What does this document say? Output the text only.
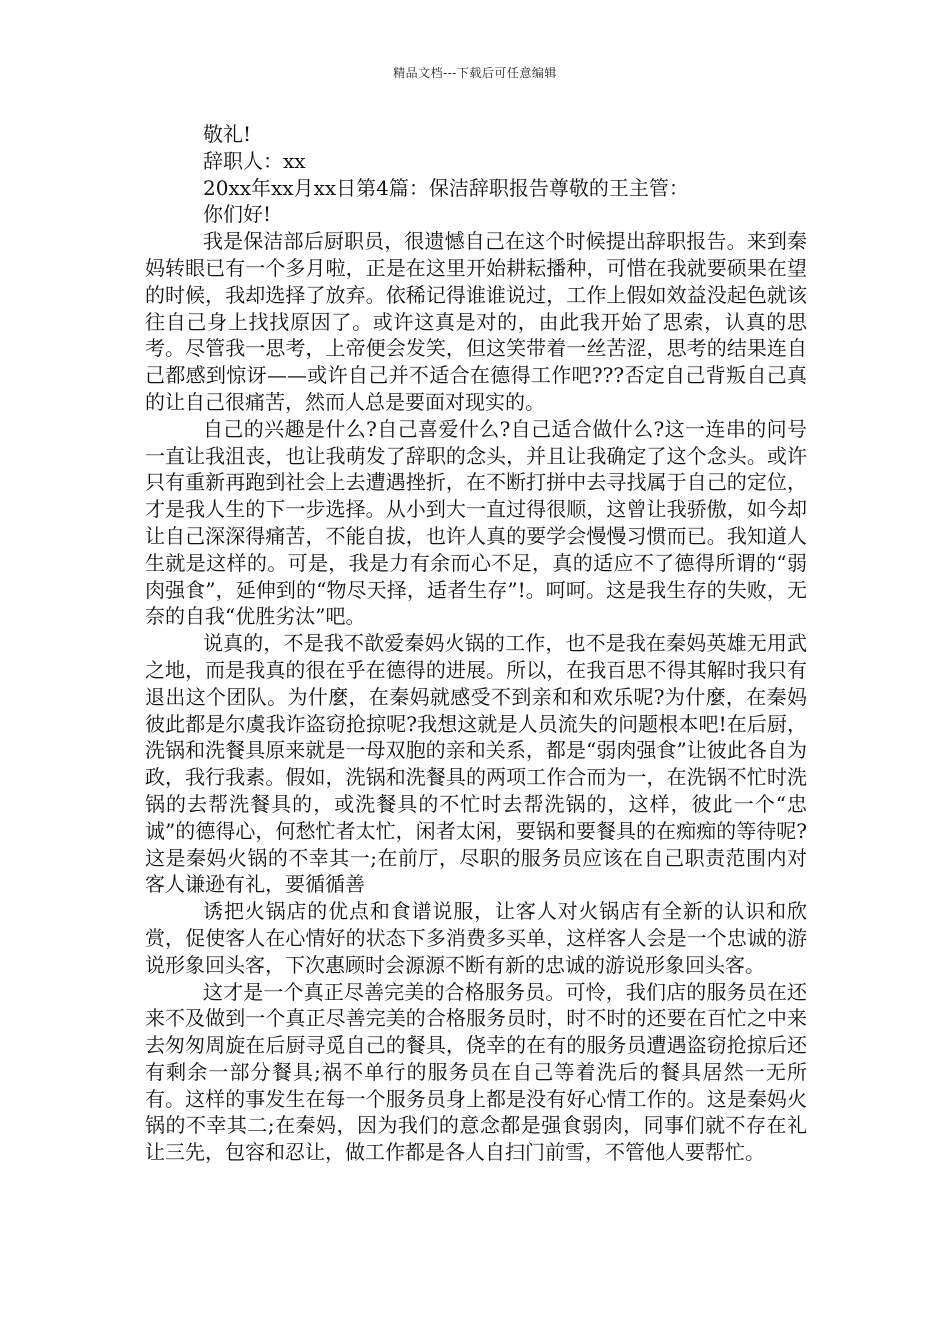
精品文档---下载后可任意编辑

敬礼!

辞职人：xx

20xx年xx月xx日第4篇：保洁辞职报告尊敬的王主管：

你们好!

我是保洁部后厨职员，很遗憾自己在这个时候提出辞职报告。来到秦妈转眼已有一个多月啦，正是在这里开始耕耘播种，可惜在我就要硕果在望的时候，我却选择了放弃。依稀记得谁谁说过，工作上假如效益没起色就该往自己身上找找原因了。或许这真是对的，由此我开始了思索，认真的思考。尽管我一思考，上帝便会发笑，但这笑带着一丝苦涩，思考的结果连自己都感到惊讶——或许自己并不适合在德得工作吧???否定自己背叛自己真的让自己很痛苦，然而人总是要面对现实的。

自己的兴趣是什么?自己喜爱什么?自己适合做什么?这一连串的问号一直让我沮丧，也让我萌发了辞职的念头，并且让我确定了这个念头。或许只有重新再跑到社会上去遭遇挫折，在不断打拼中去寻找属于自己的定位，才是我人生的下一步选择。从小到大一直过得很顺，这曾让我骄傲，如今却让自己深深得痛苦，不能自拔，也许人真的要学会慢慢习惯而已。我知道人生就是这样的。可是，我是力有余而心不足，真的适应不了德得所谓的“弱肉强食”，延伸到的“物尽天择，适者生存”!。呵呵。这是我生存的失败，无奈的自我“优胜劣汰”吧。

说真的，不是我不歆爱秦妈火锅的工作，也不是我在秦妈英雄无用武之地，而是我真的很在乎在德得的进展。所以，在我百思不得其解时我只有退出这个团队。为什麼，在秦妈就感受不到亲和和欢乐呢?为什麼，在秦妈彼此都是尔虞我诈盗窃抢掠呢?我想这就是人员流失的问题根本吧!在后厨，洗锅和洗餐具原来就是一母双胞的亲和关系，都是“弱肉强食”让彼此各自为政，我行我素。假如，洗锅和洗餐具的两项工作合而为一，在洗锅不忙时洗锅的去帮洗餐具的，或洗餐具的不忙时去帮洗锅的，这样，彼此一个“忠诚”的德得心，何愁忙者太忙，闲者太闲，要锅和要餐具的在痴痴的等待呢?这是秦妈火锅的不幸其一;在前厅，尽职的服务员应该在自己职责范围内对客人谦逊有礼，要循循善

诱把火锅店的优点和食谱说服，让客人对火锅店有全新的认识和欣赏，促使客人在心情好的状态下多消费多买单，这样客人会是一个忠诚的游说形象回头客，下次惠顾时会源源不断有新的忠诚的游说形象回头客。

这才是一个真正尽善完美的合格服务员。可怜，我们店的服务员在还来不及做到一个真正尽善完美的合格服务员时，时不时的还要在百忙之中来去匆匆周旋在后厨寻觅自己的餐具，侥幸的在有的服务员遭遇盗窃抢掠后还有剩余一部分餐具;祸不单行的服务员在自己等着洗后的餐具居然一无所有。这样的事发生在每一个服务员身上都是没有好心情工作的。这是秦妈火锅的不幸其二;在秦妈，因为我们的意念都是强食弱肉，同事们就不存在礼让三先，包容和忍让，做工作都是各人自扫门前雪，不管他人要帮忙。
